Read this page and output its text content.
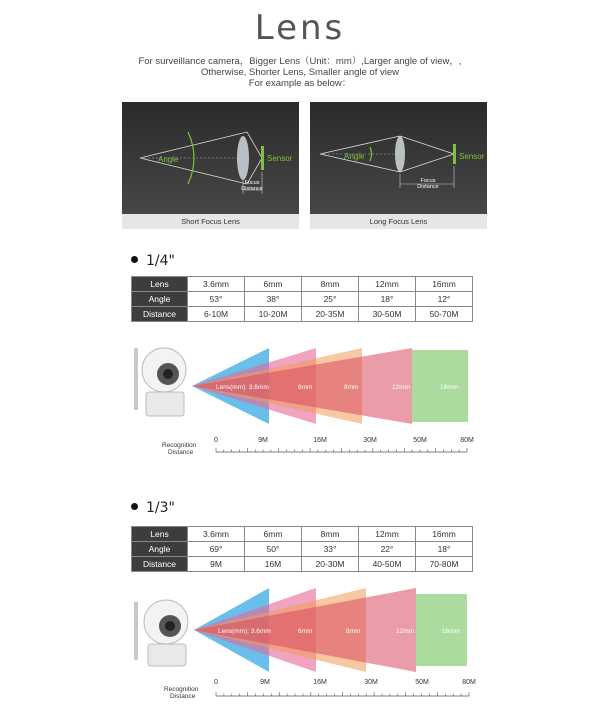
Lens
For surveillance camera，Bigger Lens（Unit：mm）,Larger angle of view，,
Otherwise, Shorter Lens, Smaller angle of view
For example as below：
Angle	Sensor
Focus
Distance
Short Focus Lens
Angle	Sensor
Focus
Distance
Long Focus Lens
1/4"
Lens	3.6mm	6mm	8mm	12mm	16mm
Angle	53°	38°	25°	18°	12°
Distance	6-10M	10-20M	20-35M	30-50M	50-70M
Lens(mm): 3.6mm	6mm	8mm	12mm	16mm
Recognition
Distance
0	9M	16M	30M	50M	80M
1/3"
Lens	3.6mm	6mm	8mm	12mm	16mm
Angle	69°	50°	33°	22°	18°
Distance	9M	16M	20-30M	40-50M	70-80M
Lens(mm): 3.6mm	6mm	8mm	12mm	16mm
Recognition
Distance
0	9M	16M	30M	50M	80M
